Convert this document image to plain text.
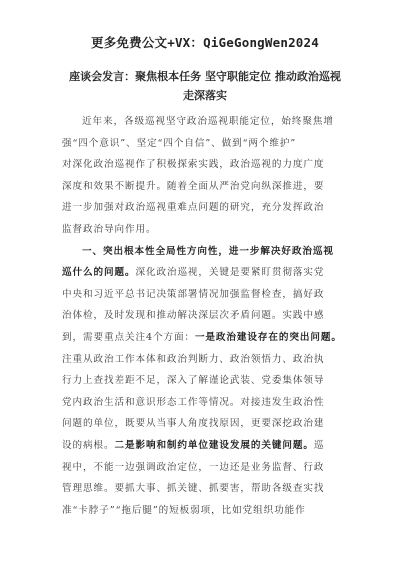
更多免费公文+VX：QiGeGongWen2024
座谈会发言：聚焦根本任务 坚守职能定位 推动政治巡视
走深落实
近年来，各级巡视坚守政治巡视职能定位，始终聚焦增
强“四个意识”、坚定“四个自信”、做到“两个维护”
对深化政治巡视作了积极探索实践，政治巡视的力度广度
深度和效果不断提升。随着全面从严治党向纵深推进，要
进一步加强对政治巡视重难点问题的研究，充分发挥政治
监督政治导向作用。
一、突出根本性全局性方向性，进一步解决好政治巡视
巡什么的问题。深化政治巡视，关键是要紧盯贯彻落实党
中央和习近平总书记决策部署情况加强监督检查，搞好政
治体检，及时发现和推动解决深层次矛盾问题。实践中感
到，需要重点关注4个方面：一是政治建设存在的突出问题。
注重从政治工作本体和政治判断力、政治领悟力、政治执
行力上查找差距不足，深入了解谨论武装、党委集体领导
党内政治生活和意识形态工作等情况。对接违发生政治性
问题的单位，既要从当事人角度找原因，更要深挖政治建
设的病根。二是影响和制约单位建设发展的关键问题。巡
视中，不能一边强调政治定位，一边还是业务监督、行政
管理思维。要抓大事、抓关键、抓要害，帮助各级查实找
准“卡脖子”“拖后腿”的短板弱项，比如党组织功能作
